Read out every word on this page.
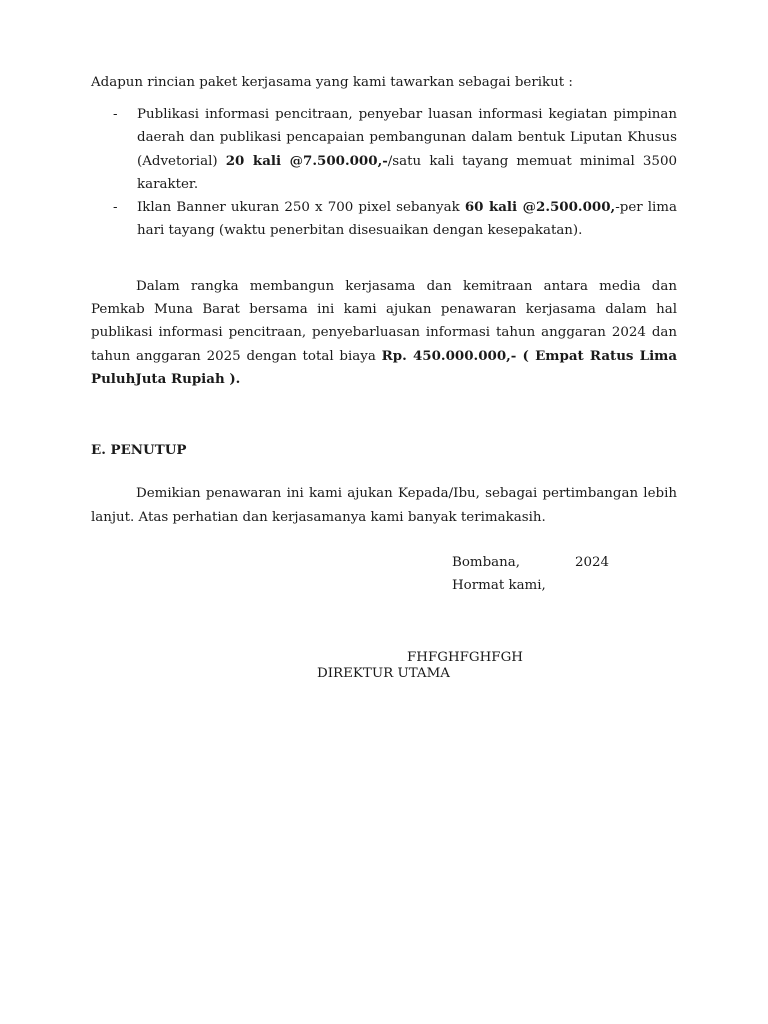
Adapun rincian paket kerjasama yang kami tawarkan sebagai berikut :
- Publikasi informasi pencitraan, penyebar luasan informasi kegiatan pimpinan daerah dan publikasi pencapaian pembangunan dalam bentuk Liputan Khusus (Advetorial) 20 kali @7.500.000,-/satu kali tayang memuat minimal 3500 karakter.
- Iklan Banner ukuran 250 x 700 pixel sebanyak 60 kali @2.500.000,-per lima hari tayang (waktu penerbitan disesuaikan dengan kesepakatan).
Dalam rangka membangun kerjasama dan kemitraan antara media dan Pemkab Muna Barat bersama ini kami ajukan penawaran kerjasama dalam hal publikasi informasi pencitraan, penyebarluasan informasi tahun anggaran 2024 dan tahun anggaran 2025 dengan total biaya Rp. 450.000.000,- ( Empat Ratus Lima PuluhJuta Rupiah ).
E. PENUTUP
Demikian penawaran ini kami ajukan Kepada/Ibu, sebagai pertimbangan lebih lanjut. Atas perhatian dan kerjasamanya kami banyak terimakasih.
Bombana,	2024
Hormat kami,
FHFGHFGHFGH
DIREKTUR UTAMA
